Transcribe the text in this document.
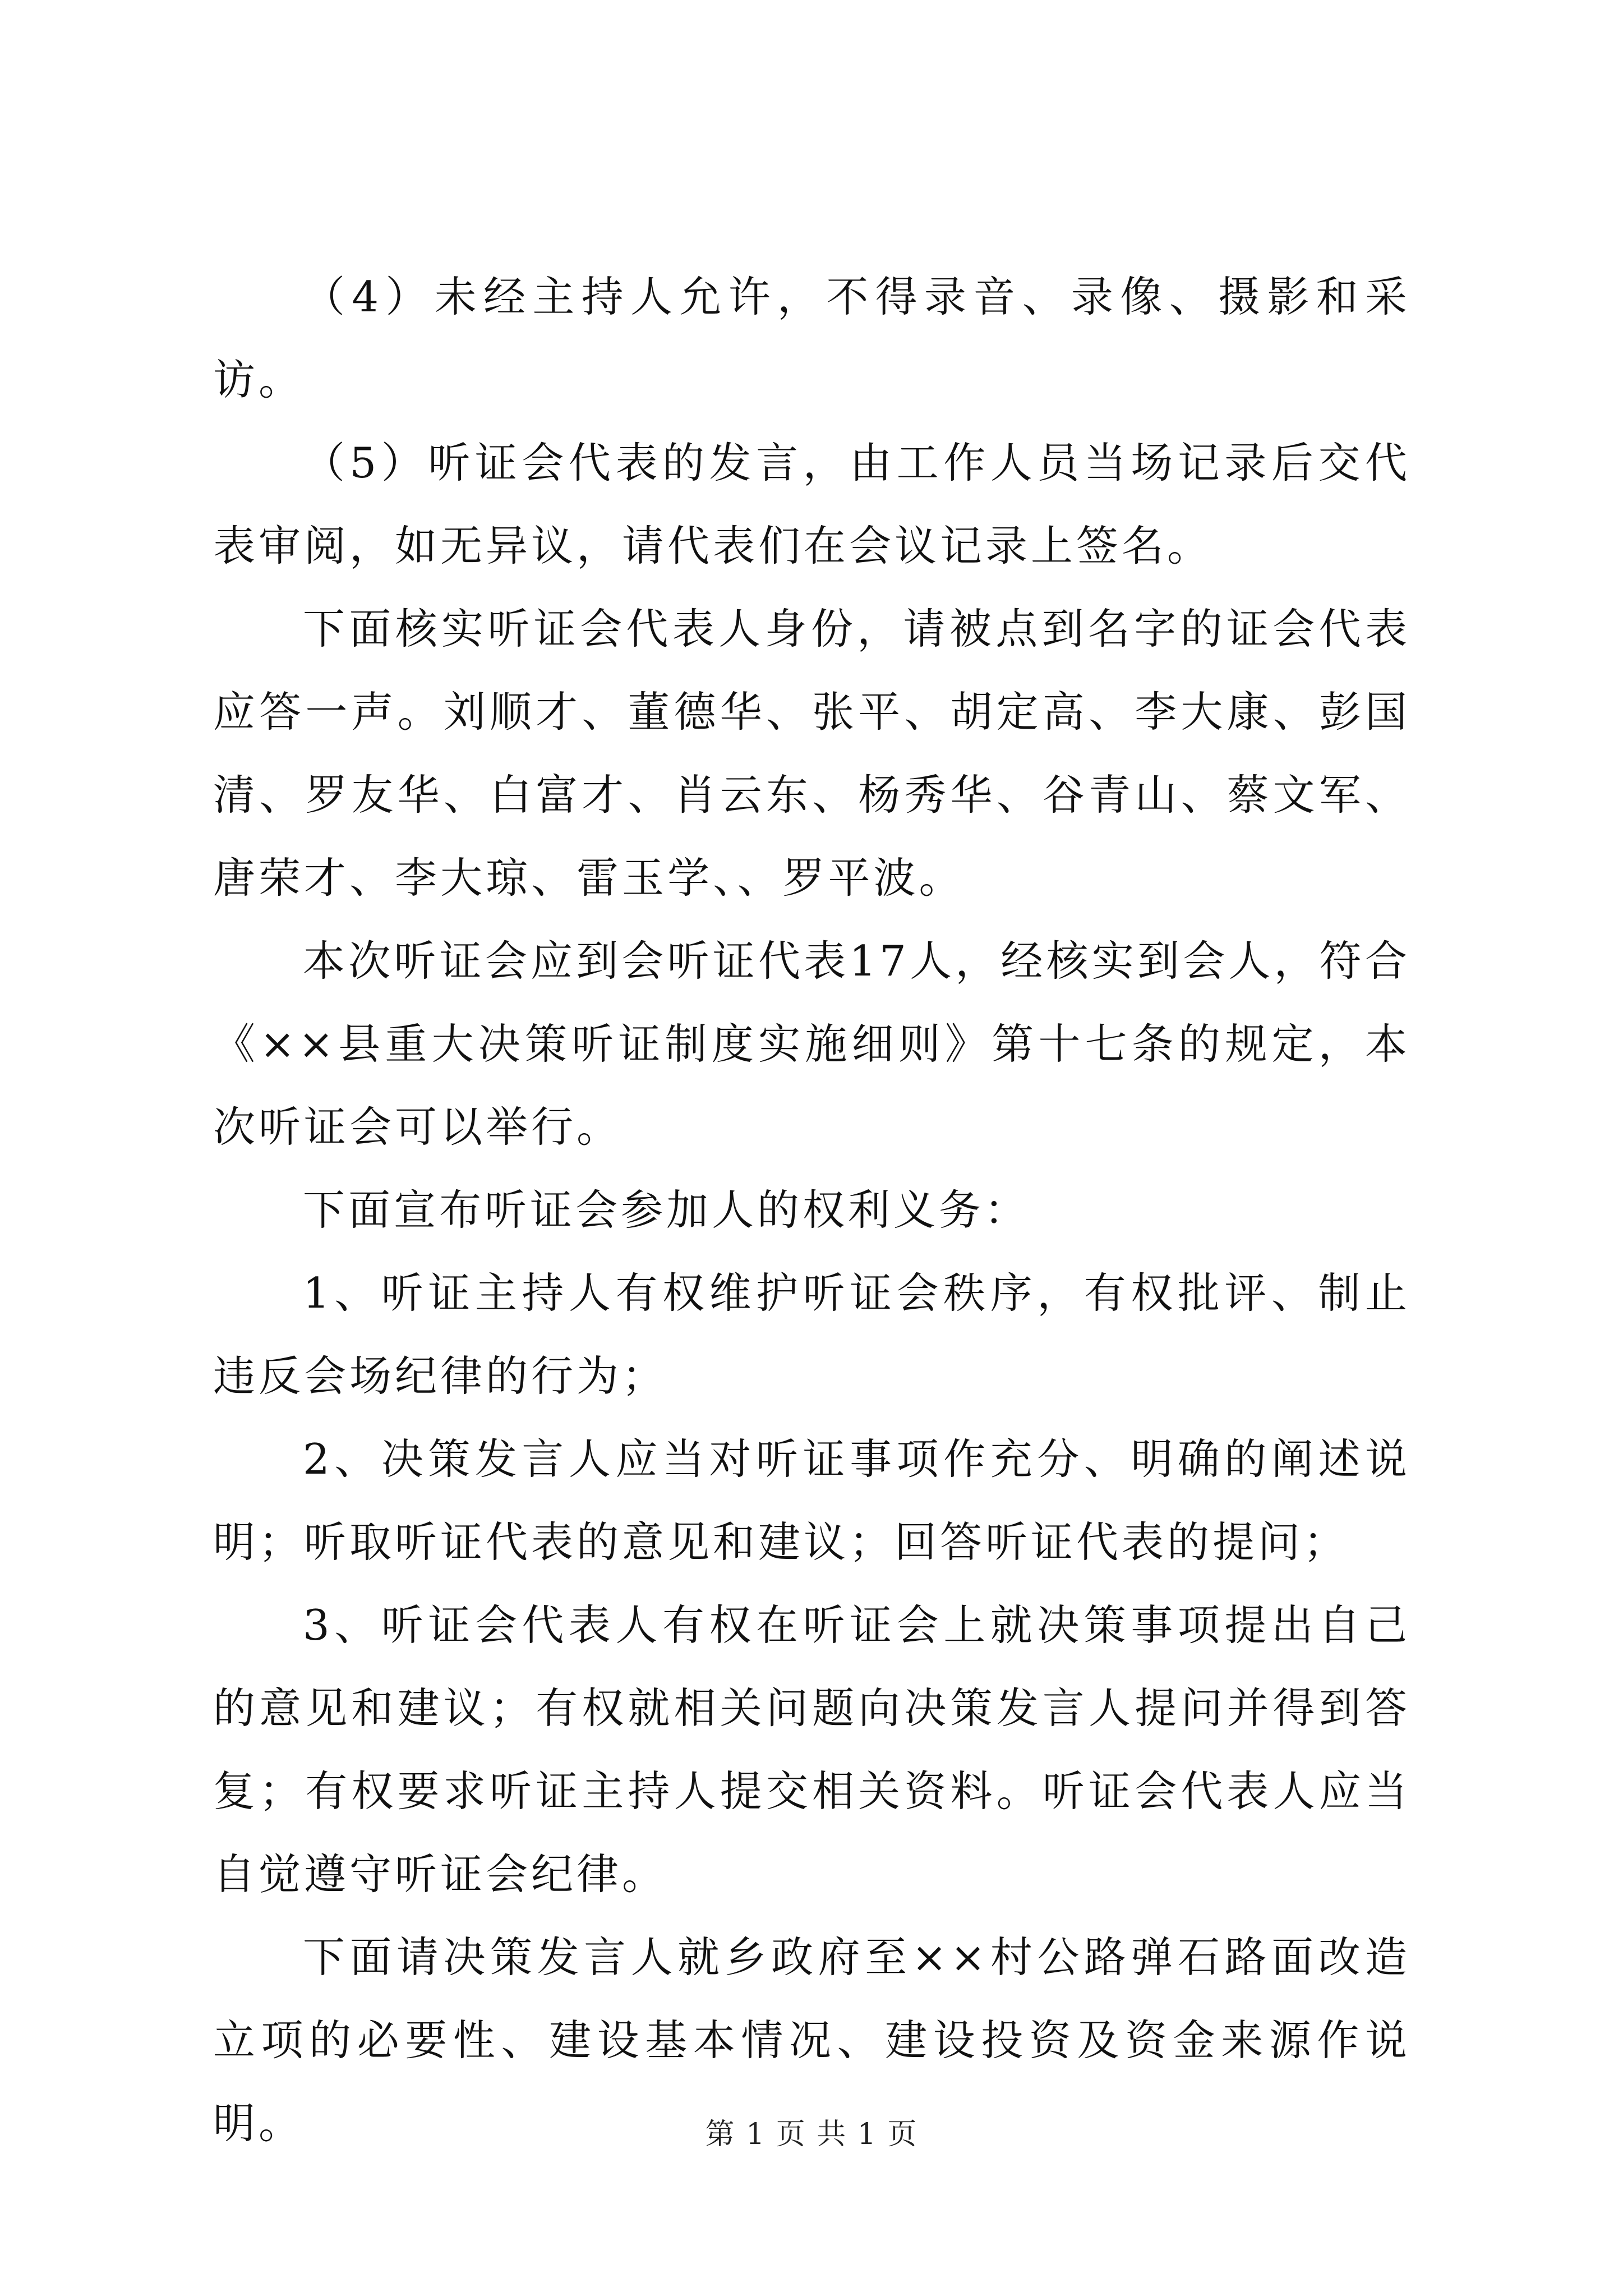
（4）未经主持人允许，不得录音、录像、摄影和采访。

（5）听证会代表的发言，由工作人员当场记录后交代表审阅，如无异议，请代表们在会议记录上签名。

下面核实听证会代表人身份，请被点到名字的证会代表应答一声。刘顺才、董德华、张平、胡定高、李大康、彭国清、罗友华、白富才、肖云东、杨秀华、谷青山、蔡文军、唐荣才、李大琼、雷玉学、、罗平波。

本次听证会应到会听证代表17人，经核实到会人，符合《××县重大决策听证制度实施细则》第十七条的规定，本次听证会可以举行。

下面宣布听证会参加人的权利义务：

1、听证主持人有权维护听证会秩序，有权批评、制止违反会场纪律的行为；

2、决策发言人应当对听证事项作充分、明确的阐述说明；听取听证代表的意见和建议；回答听证代表的提问；

3、听证会代表人有权在听证会上就决策事项提出自己的意见和建议；有权就相关问题向决策发言人提问并得到答复；有权要求听证主持人提交相关资料。听证会代表人应当自觉遵守听证会纪律。

下面请决策发言人就乡政府至××村公路弹石路面改造立项的必要性、建设基本情况、建设投资及资金来源作说明。	第 1 页 共 1 页
